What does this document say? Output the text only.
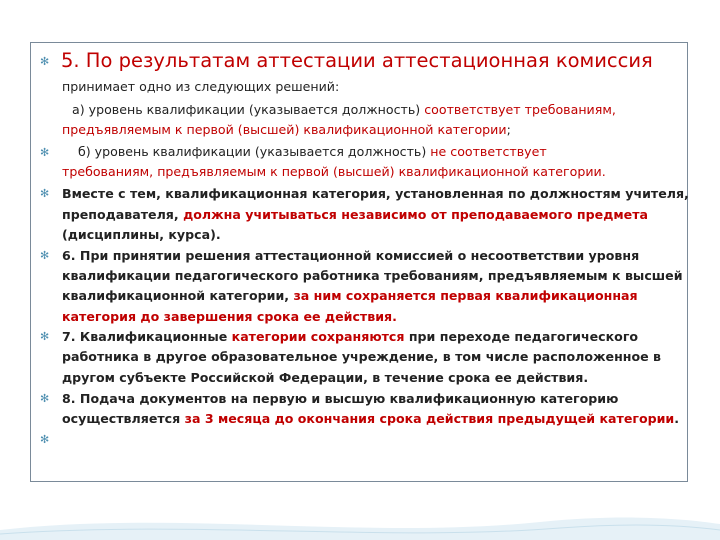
✻
✻
✻
✻
✻
✻
✻
5. По результатам аттестации аттестационная комиссия
принимает одно из следующих решений:
а) уровень квалификации (указывается должность) соответствует требованиям,
предъявляемым к первой (высшей) квалификационной категории;
б) уровень квалификации (указывается должность) не соответствует
требованиям, предъявляемым к первой (высшей) квалификационной категории.
Вместе с тем, квалификационная категория, установленная по должностям учителя,
преподавателя, должна учитываться независимо от преподаваемого предмета
(дисциплины, курса).
6. При принятии решения аттестационной комиссией о несоответствии уровня
квалификации педагогического работника требованиям, предъявляемым к высшей
квалификационной категории, за ним сохраняется первая квалификационная
категория до завершения срока ее действия.
7. Квалификационные категории сохраняются при переходе педагогического
работника в другое образовательное учреждение, в том числе расположенное в
другом субъекте Российской Федерации, в течение срока ее действия.
8. Подача документов на первую и высшую квалификационную категорию
осуществляется за 3 месяца до окончания срока действия предыдущей категории.
